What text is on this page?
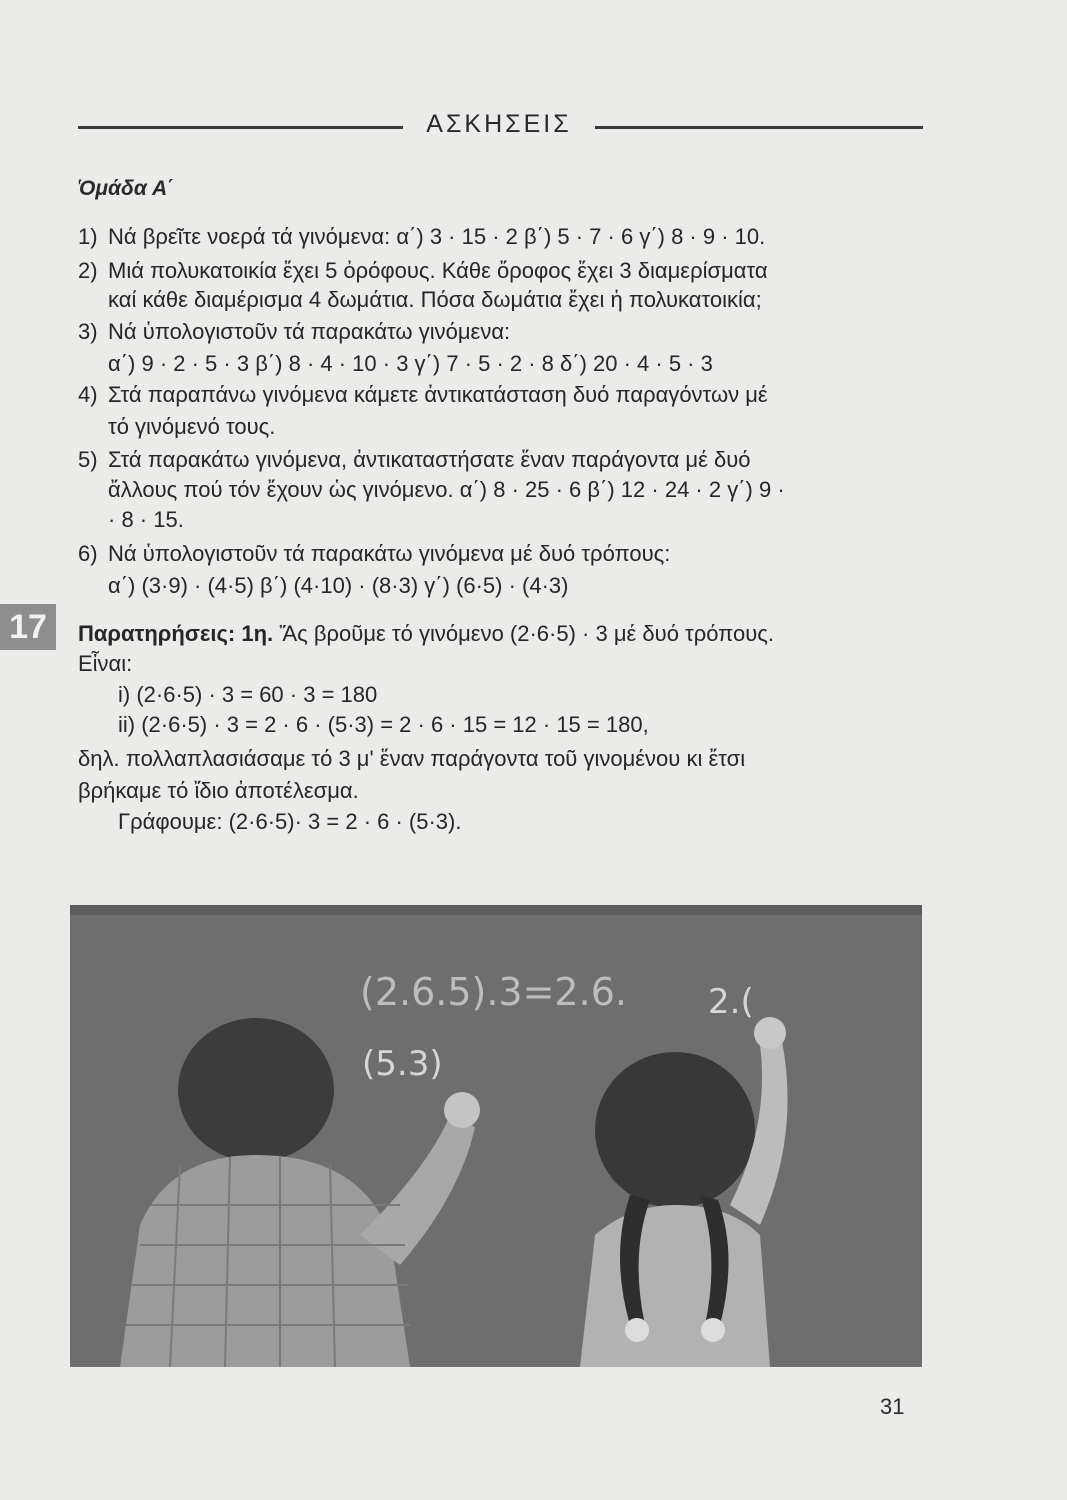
ΑΣΚΗΣΕΙΣ
Ὁμάδα Α΄
1) Νά βρεῖτε νοερά τά γινόμενα: α΄) 3 · 15 · 2 β΄) 5 · 7 · 6 γ΄) 8 · 9 · 10.
2) Μιά πολυκατοικία ἔχει 5 ὀρόφους. Κάθε ὄροφος ἔχει 3 διαμερίσματα
καί κάθε διαμέρισμα 4 δωμάτια. Πόσα δωμάτια ἔχει ἡ πολυκατοικία;
3) Νά ὑπολογιστοῦν τά παρακάτω γινόμενα:
α΄) 9 · 2 · 5 · 3 β΄) 8 · 4 · 10 · 3 γ΄) 7 · 5 · 2 · 8 δ΄) 20 · 4 · 5 · 3
4) Στά παραπάνω γινόμενα κάμετε ἀντικατάσταση δυό παραγόντων μέ
τό γινόμενό τους.
5) Στά παρακάτω γινόμενα, ἀντικαταστήσατε ἕναν παράγοντα μέ δυό
ἄλλους πού τόν ἔχουν ὡς γινόμενο. α΄) 8 · 25 · 6 β΄) 12 · 24 · 2 γ΄) 9 ·
· 8 · 15.
6) Νά ὑπολογιστοῦν τά παρακάτω γινόμενα μέ δυό τρόπους:
α΄) (3·9) · (4·5) β΄) (4·10) · (8·3) γ΄) (6·5) · (4·3)
17	Παρατηρήσεις: 1η. Ἄς βροῦμε τό γινόμενο (2·6·5) · 3 μέ δυό τρόπους.
Εἶναι:
i) (2·6·5) · 3 = 60 · 3 = 180
ii) (2·6·5) · 3 = 2 · 6 · (5·3) = 2 · 6 · 15 = 12 · 15 = 180,
δηλ. πολλαπλασιάσαμε τό 3 μ' ἕναν παράγοντα τοῦ γινομένου κι ἔτσι
βρήκαμε τό ἴδιο ἀποτέλεσμα.
Γράφουμε: (2·6·5)· 3 = 2 · 6 · (5·3).
(2.6.5).3=2.6. 2.(
(5.3)
31
